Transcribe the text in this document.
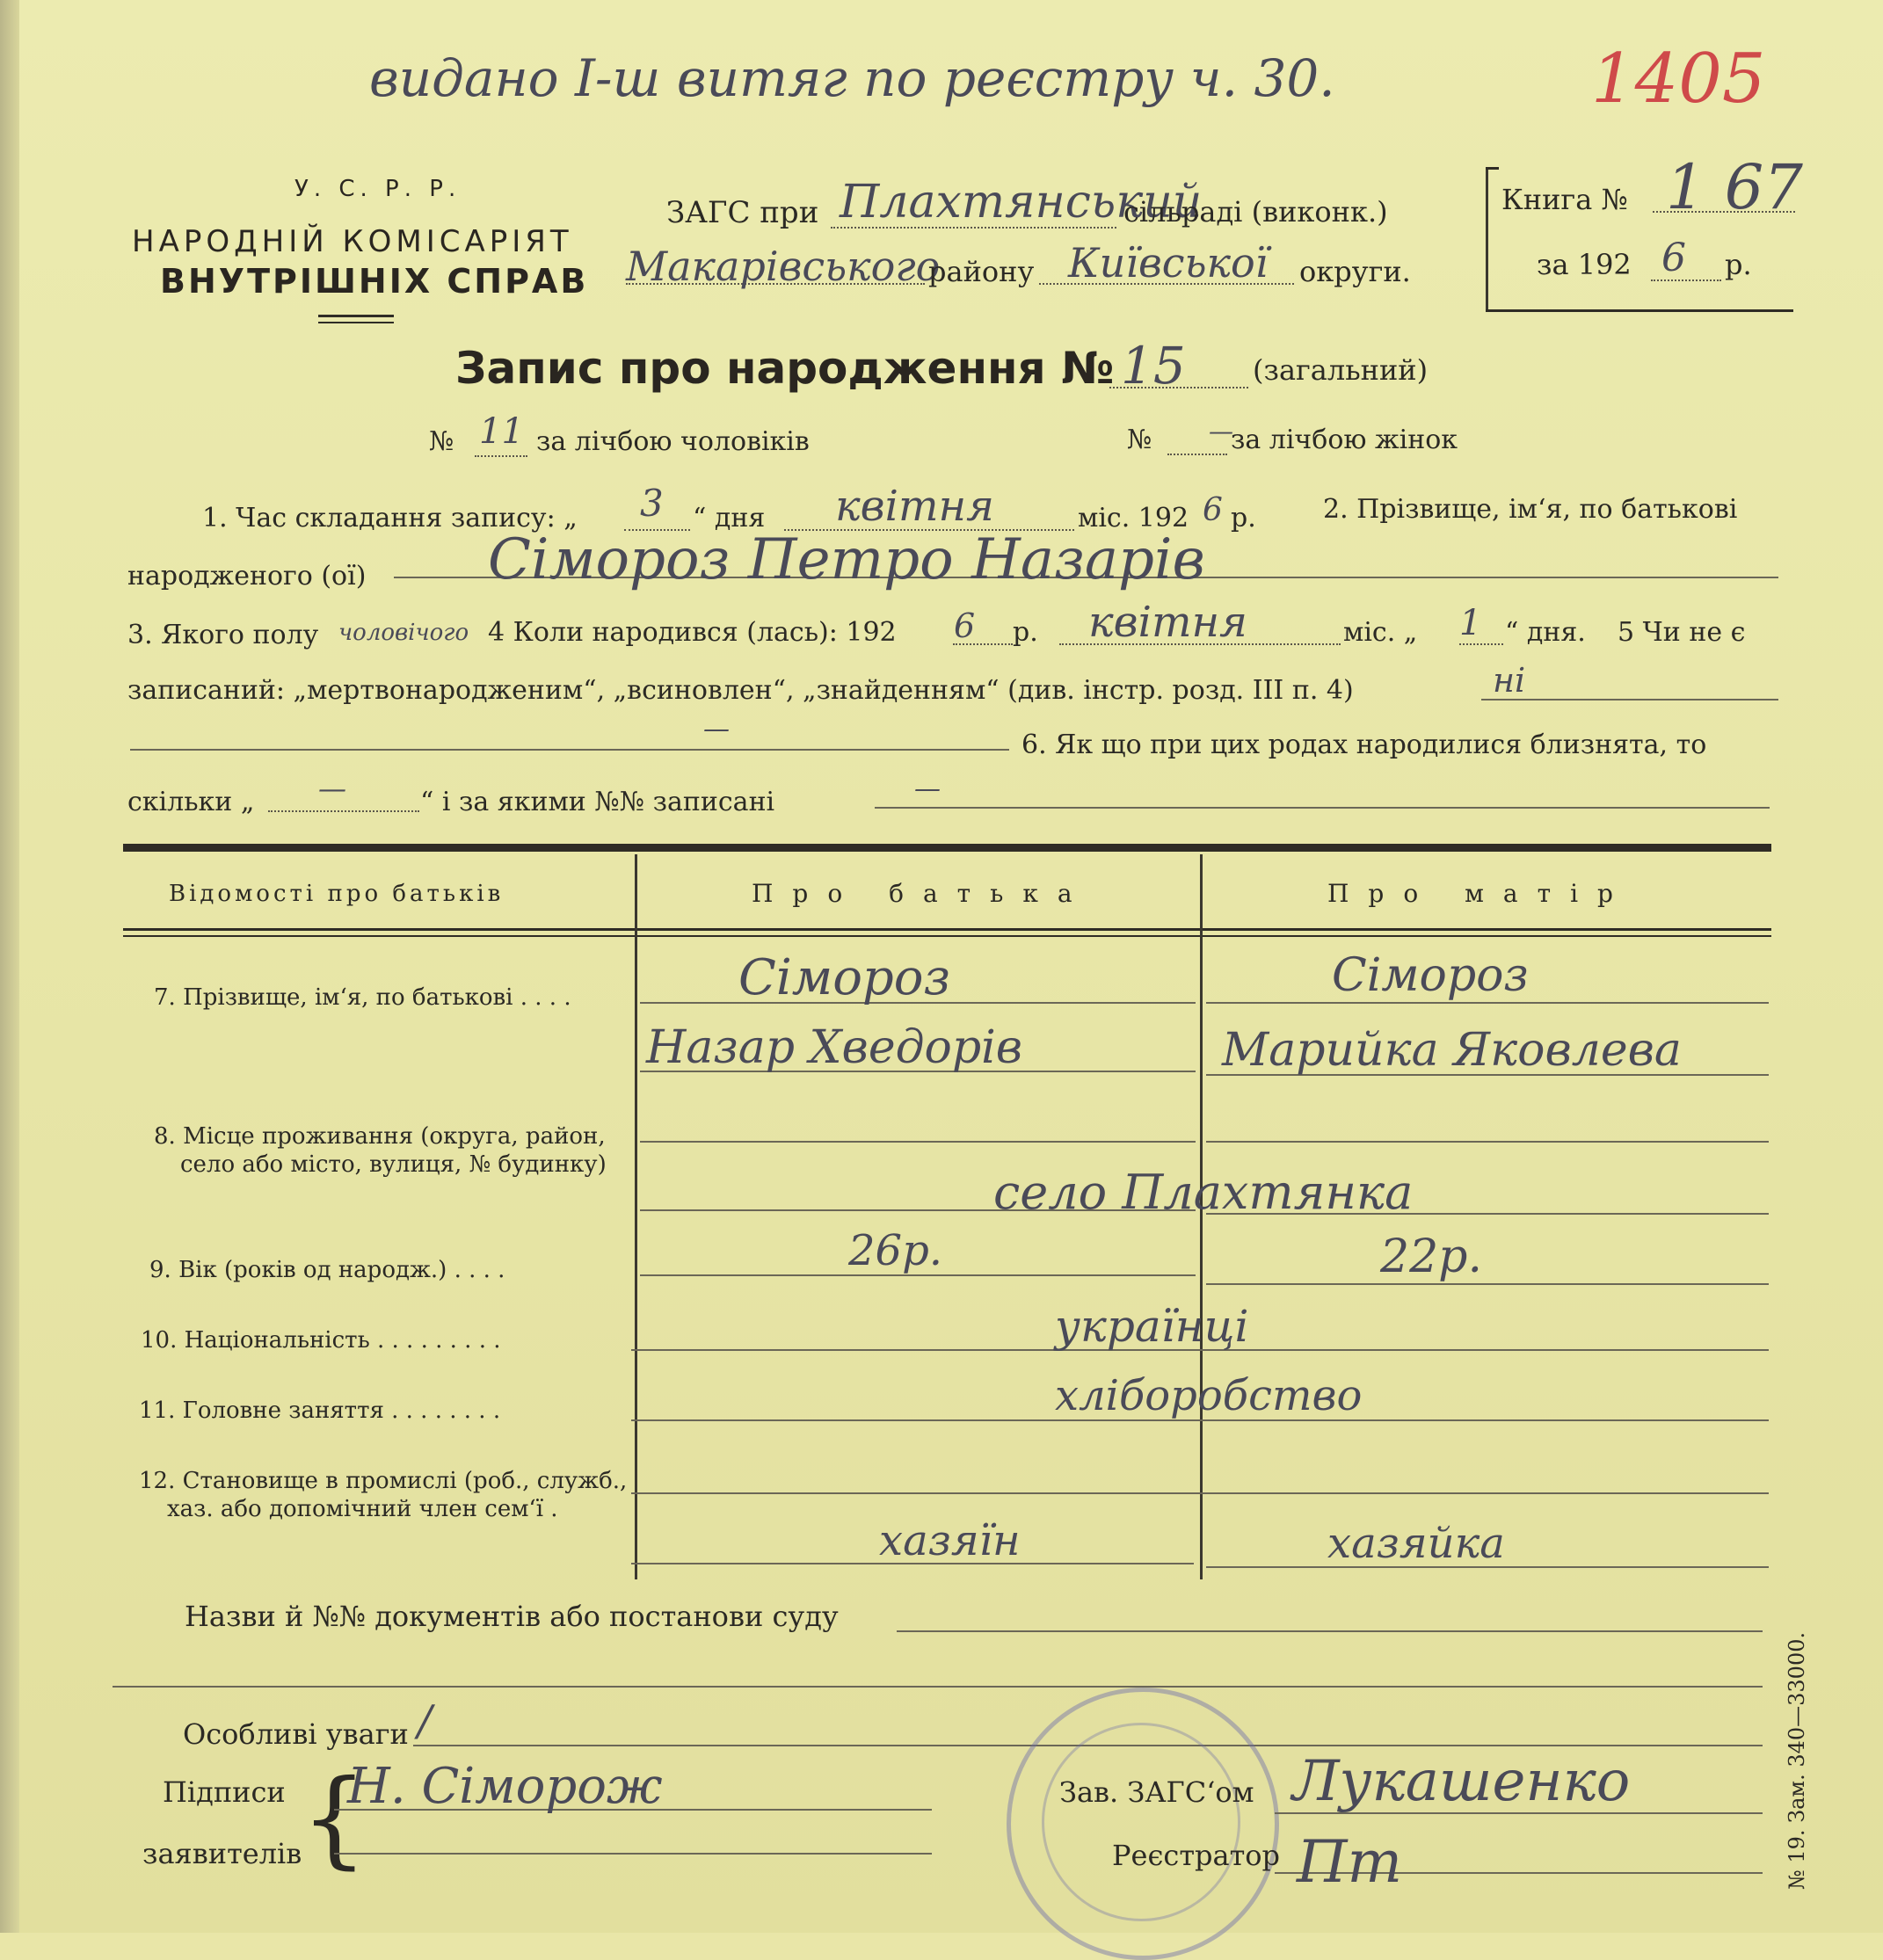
видано I-ш витяг по реєстру ч. 30.	1405
У. С. Р. Р.
НАРОДНІЙ КОМІСАРІЯТ
ВНУТРІШНІХ СПРАВ
ЗАГС при Плахтянський
сільраді (виконк.)
Макарівського
району Київської округи.
Книга № 1 67
за 192 6 р.
Запис про народження № 15 (загальний)
№ 11 за лічбою чоловіків	№ —
за лічбою жінок
1. Час складання запису: „ 3 “ дня квітня	міс. 192 6 р.	2. Прізвище, ім‘я, по батькові
народженого (ої) Сімороз Петро Назарів
3. Якого полу чоловічого 4 Коли народився (лась): 192 6 р. квітня	міс. „ 1 “ дня. 5 Чи не є
записаний: „мертвонародженим“, „всиновлен“, „знайденням“ (див. інстр. розд. III п. 4)	ні
—
6. Як що при цих родах народилися близнята, то
скільки „ —	“ і за якими №№ записані	—
Відомості про батьків	Про батька	Про матір
7. Прізвище, ім‘я, по батькові . . . .	Сімороз	Сімороз
Назар Хведорів	Марийка Яковлева
8. Місце проживання (округа, район,
село або місто, вулиця, № будинку)	село Плахтянка
9. Вік (років од народж.) . . . .	26р.	22р.
10. Національність . . . . . . . . .	українці
11. Головне заняття . . . . . . . .	хліборобство
12. Становище в промислі (роб., служб.,
хаз. або допомічний член сем‘ї .
хазяїн	хазяйка
Назви й №№ документів або постанови суду
Особливі уваги /
Підписи
заявителів
{
Н. Сіморож	Зав. ЗАГС‘ом Лукашенко
Реєстратор Пт	№ 19. Зам. 340—33000.
